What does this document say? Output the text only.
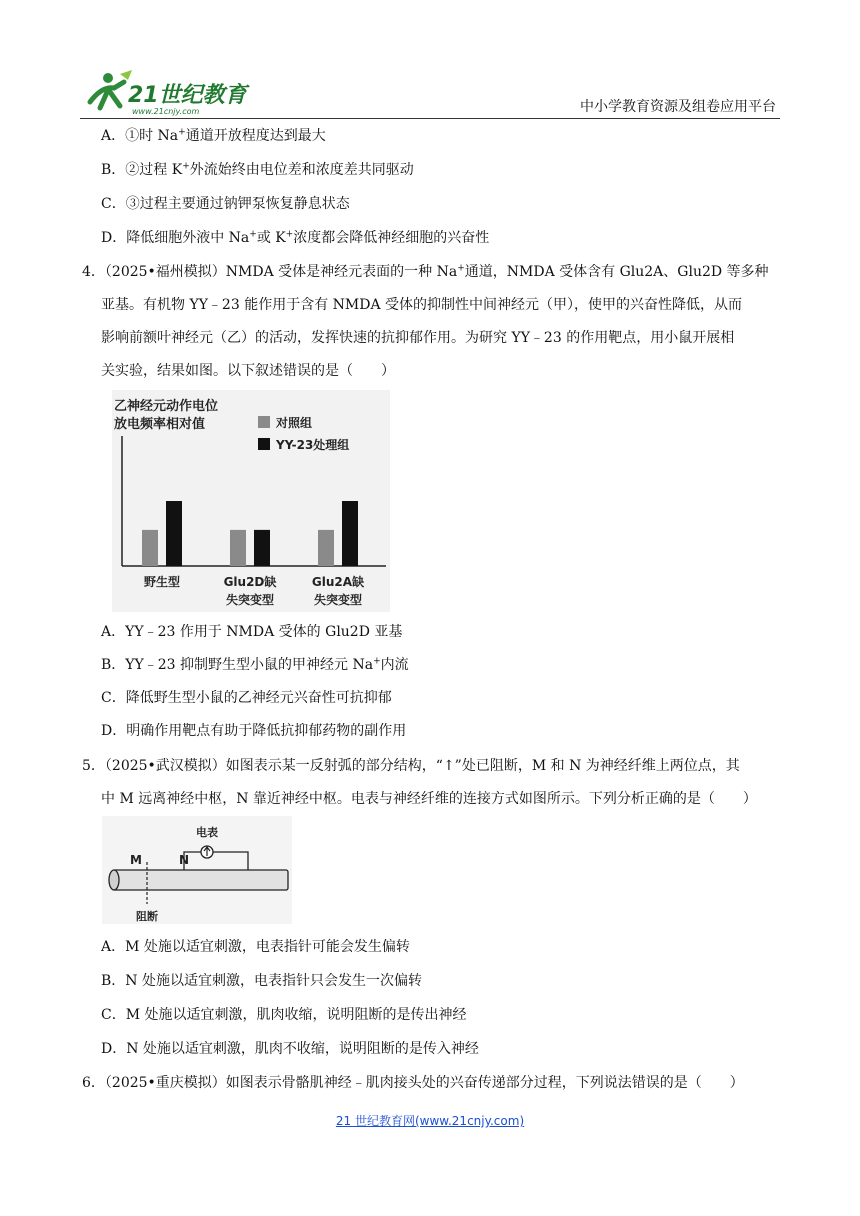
21世纪教育
www.21cnjy.com	中小学教育资源及组卷应用平台
A．①时 Na+通道开放程度达到最大
B．②过程 K+外流始终由电位差和浓度差共同驱动
C．③过程主要通过钠钾泵恢复静息状态
D．降低细胞外液中 Na+或 K+浓度都会降低神经细胞的兴奋性
4．（2025•福州模拟）NMDA 受体是神经元表面的一种 Na+通道，NMDA 受体含有 Glu2A、Glu2D 等多种
亚基。有机物 YY﹣23 能作用于含有 NMDA 受体的抑制性中间神经元（甲），使甲的兴奋性降低，从而
影响前额叶神经元（乙）的活动，发挥快速的抗抑郁作用。为研究 YY﹣23 的作用靶点，用小鼠开展相
关实验，结果如图。以下叙述错误的是（　　）
乙神经元动作电位
放电频率相对值	对照组
YY-23处理组
野生型	Glu2D缺
失突变型
Glu2A缺
失突变型
A．YY﹣23 作用于 NMDA 受体的 Glu2D 亚基
B．YY﹣23 抑制野生型小鼠的甲神经元 Na+内流
C．降低野生型小鼠的乙神经元兴奋性可抗抑郁
D．明确作用靶点有助于降低抗抑郁药物的副作用
5．（2025•武汉模拟）如图表示某一反射弧的部分结构，“↑”处已阻断，M 和 N 为神经纤维上两位点，其
中 M 远离神经中枢，N 靠近神经中枢。电表与神经纤维的连接方式如图所示。下列分析正确的是（　　）
电表
M	N
阻断
A．M 处施以适宜刺激，电表指针可能会发生偏转
B．N 处施以适宜刺激，电表指针只会发生一次偏转
C．M 处施以适宜刺激，肌肉收缩，说明阻断的是传出神经
D．N 处施以适宜刺激，肌肉不收缩，说明阻断的是传入神经
6．（2025•重庆模拟）如图表示骨骼肌神经﹣肌肉接头处的兴奋传递部分过程，下列说法错误的是（　　）
21 世纪教育网(www.21cnjy.com)
